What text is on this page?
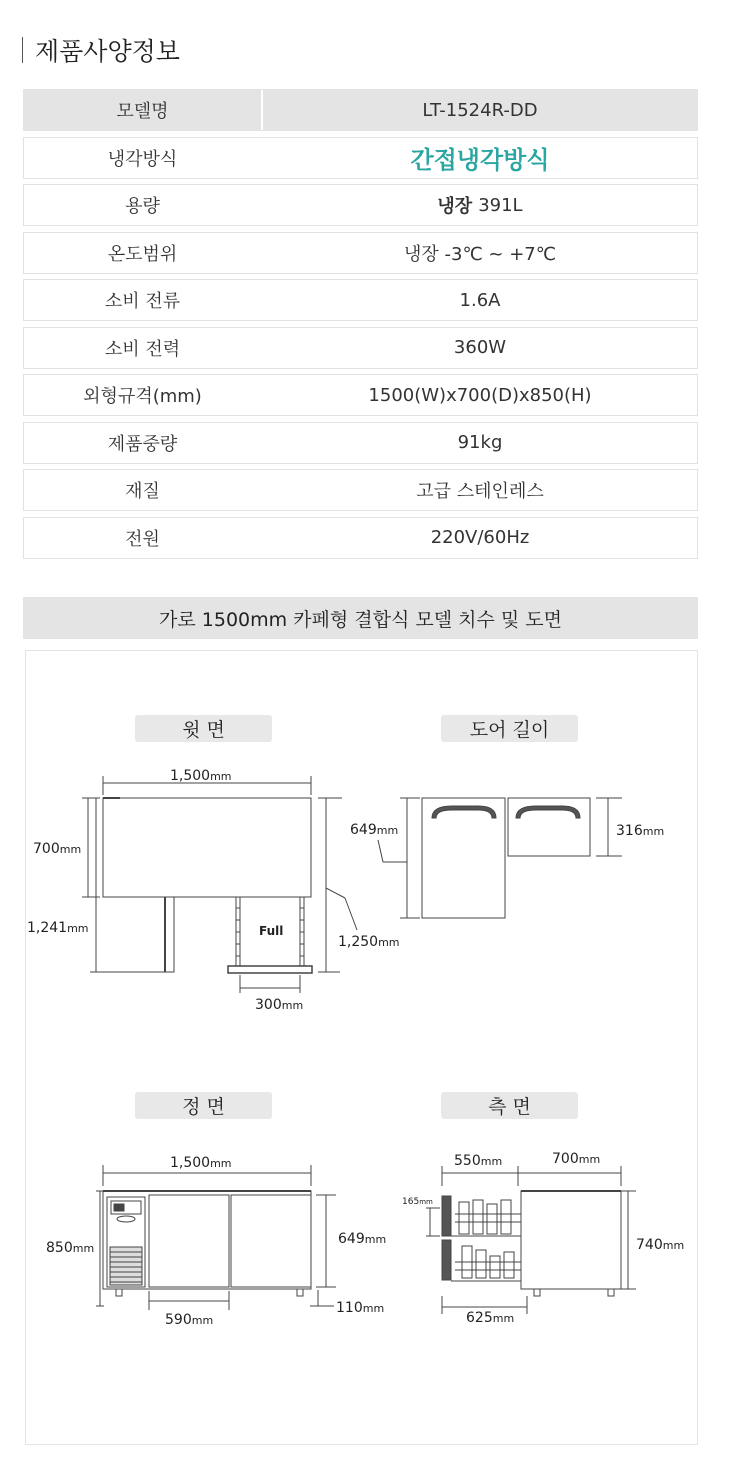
제품사양정보
모델명	LT-1524R-DD
냉각방식	간접냉각방식
용량	냉장 391L
온도범위	냉장 -3℃ ~ +7℃
소비 전류	1.6A
소비 전력	360W
외형규격(mm)	1500(W)x700(D)x850(H)
제품중량	91kg
재질	고급 스테인레스
전원	220V/60Hz
가로 1500mm 카페형 결합식 모델 치수 및 도면
윗 면	도어 길이
정 면	측 면
1,500mm
700mm
1,241mm
1,250mm
Full
300mm
649mm	316mm
1,500mm
850mm
649mm
590mm
110mm
550mm	700mm
740mm
165mm
625mm
